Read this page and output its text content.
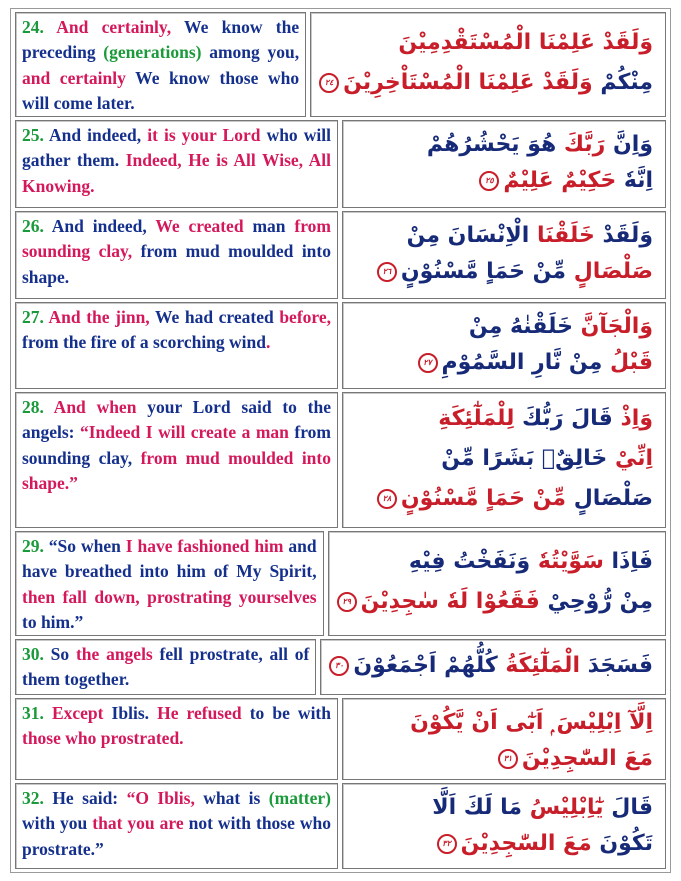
24. And certainly, We know the preceding (generations) among you, and certainly We know those who will come later.
وَلَقَدْ عَلِمْنَا الْمُسْتَقْدِمِيْنَ
مِنْكُمْ وَلَقَدْ عَلِمْنَا الْمُسْتَاْخِرِيْنَ٢٤
25. And indeed, it is your Lord who will gather them. Indeed, He is All Wise, All Knowing.
وَاِنَّ رَبَّكَ هُوَ يَحْشُرُهُمْ
اِنَّهٗ حَكِيْمٌ عَلِيْمٌ٢٥
26. And indeed, We created man from sounding clay, from mud moulded into shape.
وَلَقَدْ خَلَقْنَا الْاِنْسَانَ مِنْ
صَلْصَالٍ مِّنْ حَمَاٍ مَّسْنُوْنٍ٢٦
27. And the jinn, We had created before, from the fire of a scorching wind.
وَالْجَآنَّ خَلَقْنٰهُ مِنْ
قَبْلُ مِنْ نَّارِ السَّمُوْمِ٢٧
28. And when your Lord said to the angels: “Indeed I will create a man from sounding clay, from mud moulded into shape.”
وَاِذْ قَالَ رَبُّكَ لِلْمَلٰٓئِكَةِ
اِنِّيْ خَالِقٌۢ بَشَرًا مِّنْ
صَلْصَالٍ مِّنْ حَمَاٍ مَّسْنُوْنٍ٢٨
29. “So when I have fashioned him and have breathed into him of My Spirit, then fall down, prostrating yourselves to him.”
فَاِذَا سَوَّيْتُهٗ وَنَفَخْتُ فِيْهِ
مِنْ رُّوْحِيْ فَقَعُوْا لَهٗ سٰجِدِيْنَ٢٩
30. So the angels fell prostrate, all of them together.
فَسَجَدَ الْمَلٰٓئِكَةُ كُلُّهُمْ اَجْمَعُوْنَ٣٠
31. Except Iblis. He refused to be with those who prostrated.
اِلَّآ اِبْلِيْسَ ۭ اَبٰٓى اَنْ يَّكُوْنَ
مَعَ السّٰجِدِيْنَ٣١
32. He said: “O Iblis, what is (matter) with you that you are not with those who prostrate.”
قَالَ يٰٓاِبْلِيْسُ مَا لَكَ اَلَّا
تَكُوْنَ مَعَ السّٰجِدِيْنَ٣٢
